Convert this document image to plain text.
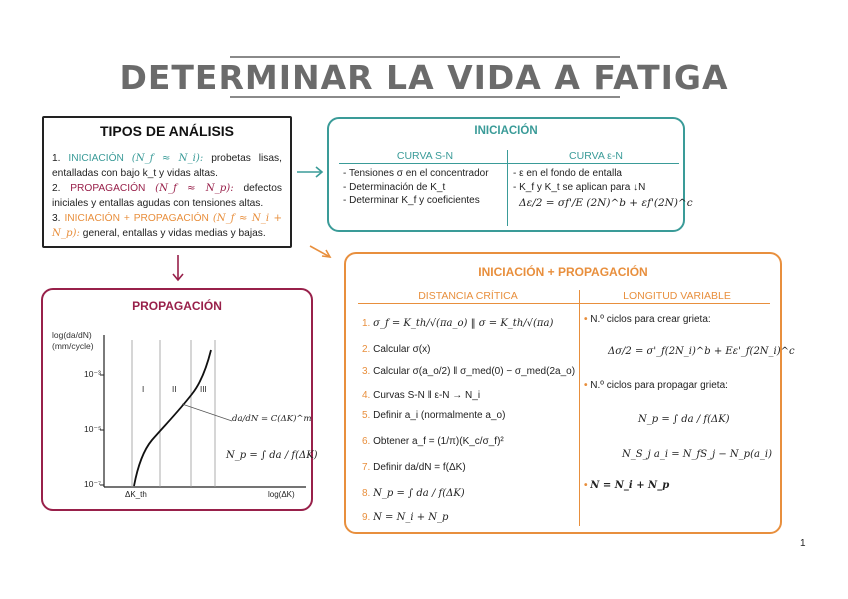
DETERMINAR LA VIDA A FATIGA
TIPOS DE ANÁLISIS
1. INICIACIÓN (N_f ≈ N_i): probetas lisas, entalladas con bajo k_t y vidas altas.
2. PROPAGACIÓN (N_f ≈ N_p): defectos iniciales y entallas agudas con tensiones altas.
3. INICIACIÓN + PROPAGACIÓN (N_f ≈ N_i + N_p): general, entallas y vidas medias y bajas.
INICIACIÓN
CURVA S-N	CURVA ε-N
- Tensiones σ en el concentrador
- Determinación de K_t
- Determinar K_f y coeficientes
- ε en el fondo de entalla
- K_f y K_t se aplican para ↓N
Δε/2 = σf'/E (2N)^b + εf'(2N)^c
PROPAGACIÓN
log(da/dN) (mm/cycle)
10⁻³
10⁻⁵
10⁻⁷
I	II	III
ΔK_th	log(ΔK)
da/dN = C(ΔK)^m
N_p = ∫ da / f(ΔK)
INICIACIÓN + PROPAGACIÓN
DISTANCIA CRÍTICA	LONGITUD VARIABLE
1. σ_f = K_th/√(πa_o) ‖ σ = K_th/√(πa)
2. Calcular σ(x)
3. Calcular σ(a_o/2) ‖ σ_med(0) − σ_med(2a_o)
4. Curvas S-N ‖ ε-N → N_i
5. Definir a_i (normalmente a_o)
6. Obtener a_f = (1/π)(K_c/σ_f)²
7. Definir da/dN = f(ΔK)
8. N_p = ∫ da / f(ΔK)
9. N = N_i + N_p
• N.º ciclos para crear grieta:
Δσ/2 = σ'_f(2N_i)^b + Eε'_f(2N_i)^c
• N.º ciclos para propagar grieta:
N_p = ∫ da / f(ΔK)
N_S_j a_i = N_fS_j − N_p(a_i)
• N = N_i + N_p
1
